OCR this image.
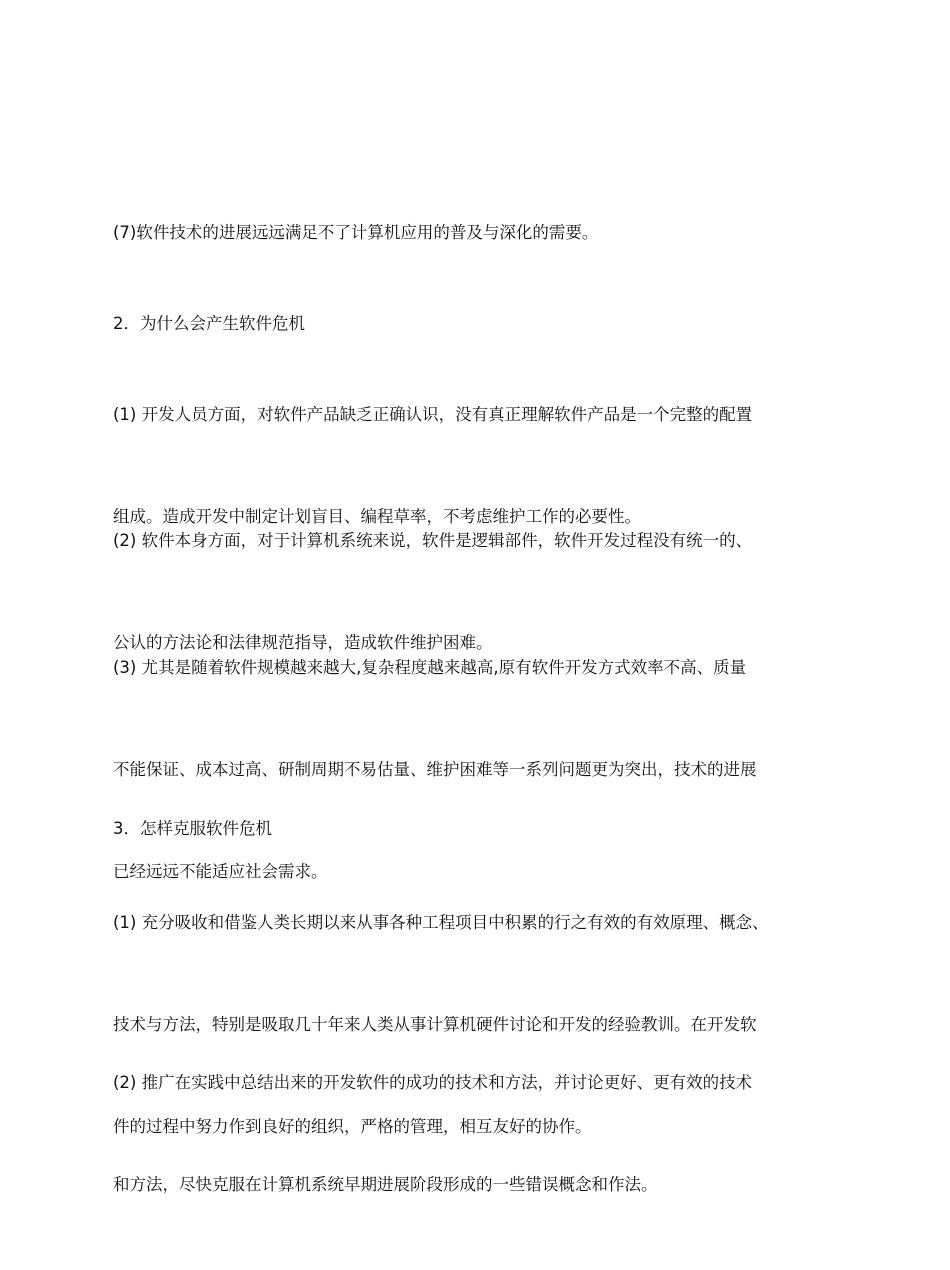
(7)软件技术的进展远远满足不了计算机应用的普及与深化的需要。

2．为什么会产生软件危机

(1) 开发人员方面，对软件产品缺乏正确认识，没有真正理解软件产品是一个完整的配置

组成。造成开发中制定计划盲目、编程草率，不考虑维护工作的必要性。

(2) 软件本身方面，对于计算机系统来说，软件是逻辑部件，软件开发过程没有统一的、

公认的方法论和法律规范指导，造成软件维护困难。

(3) 尤其是随着软件规模越来越大,复杂程度越来越高,原有软件开发方式效率不高、质量

不能保证、成本过高、研制周期不易估量、维护困难等一系列问题更为突出，技术的进展

已经远远不能适应社会需求。

3．怎样克服软件危机

(1) 充分吸收和借鉴人类长期以来从事各种工程项目中积累的行之有效的有效原理、概念、

技术与方法，特别是吸取几十年来人类从事计算机硬件讨论和开发的经验教训。在开发软

件的过程中努力作到良好的组织，严格的管理，相互友好的协作。

(2) 推广在实践中总结出来的开发软件的成功的技术和方法，并讨论更好、更有效的技术

和方法，尽快克服在计算机系统早期进展阶段形成的一些错误概念和作法。
